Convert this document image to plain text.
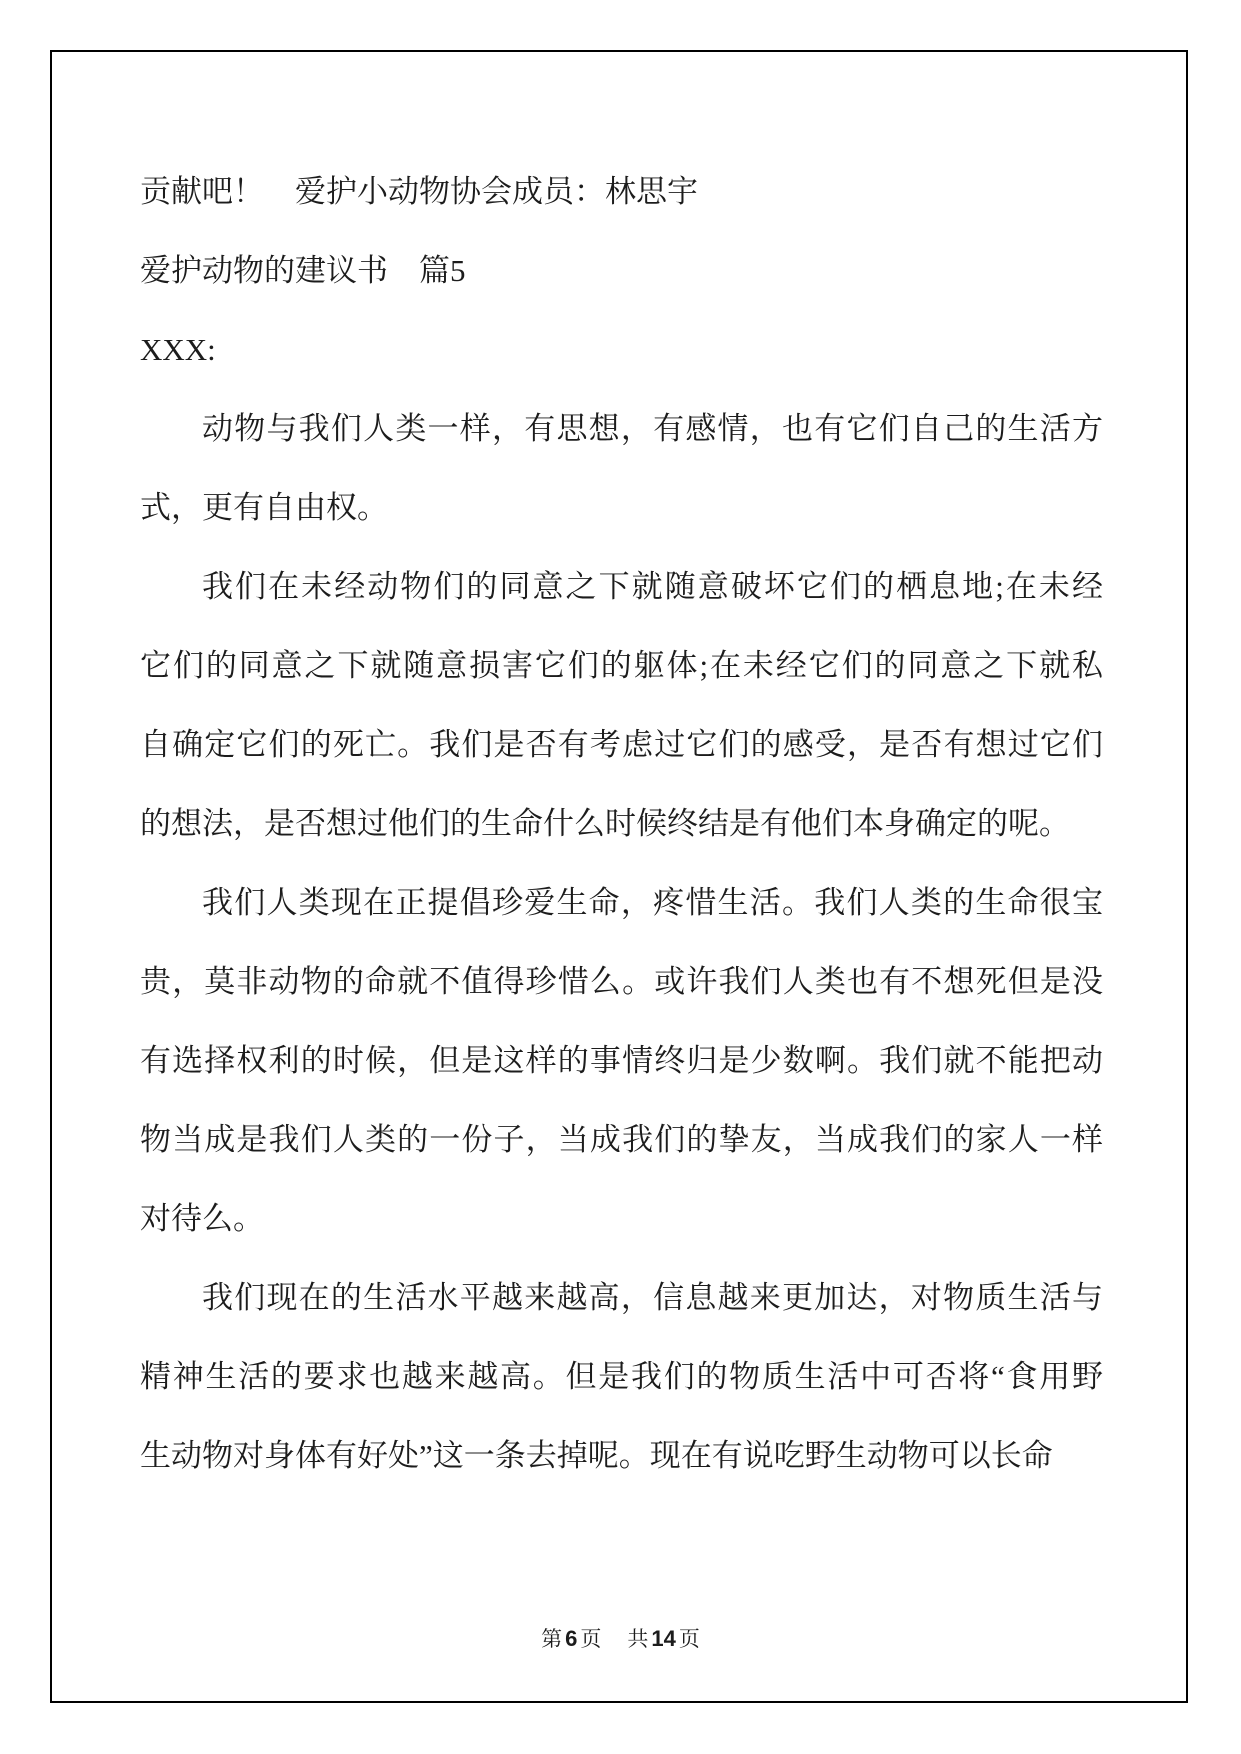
贡献吧！　爱护小动物协会成员：林思宇
爱护动物的建议书　篇5
XXX:
动物与我们人类一样，有思想，有感情，也有它们自己的生活方
式，更有自由权。
我们在未经动物们的同意之下就随意破坏它们的栖息地;在未经
它们的同意之下就随意损害它们的躯体;在未经它们的同意之下就私
自确定它们的死亡。我们是否有考虑过它们的感受，是否有想过它们
的想法，是否想过他们的生命什么时候终结是有他们本身确定的呢。
我们人类现在正提倡珍爱生命，疼惜生活。我们人类的生命很宝
贵，莫非动物的命就不值得珍惜么。或许我们人类也有不想死但是没
有选择权利的时候，但是这样的事情终归是少数啊。我们就不能把动
物当成是我们人类的一份子，当成我们的挚友，当成我们的家人一样
对待么。
我们现在的生活水平越来越高，信息越来更加达，对物质生活与
精神生活的要求也越来越高。但是我们的物质生活中可否将“食用野
生动物对身体有好处”这一条去掉呢。现在有说吃野生动物可以长命
第 6 页 共 14 页
